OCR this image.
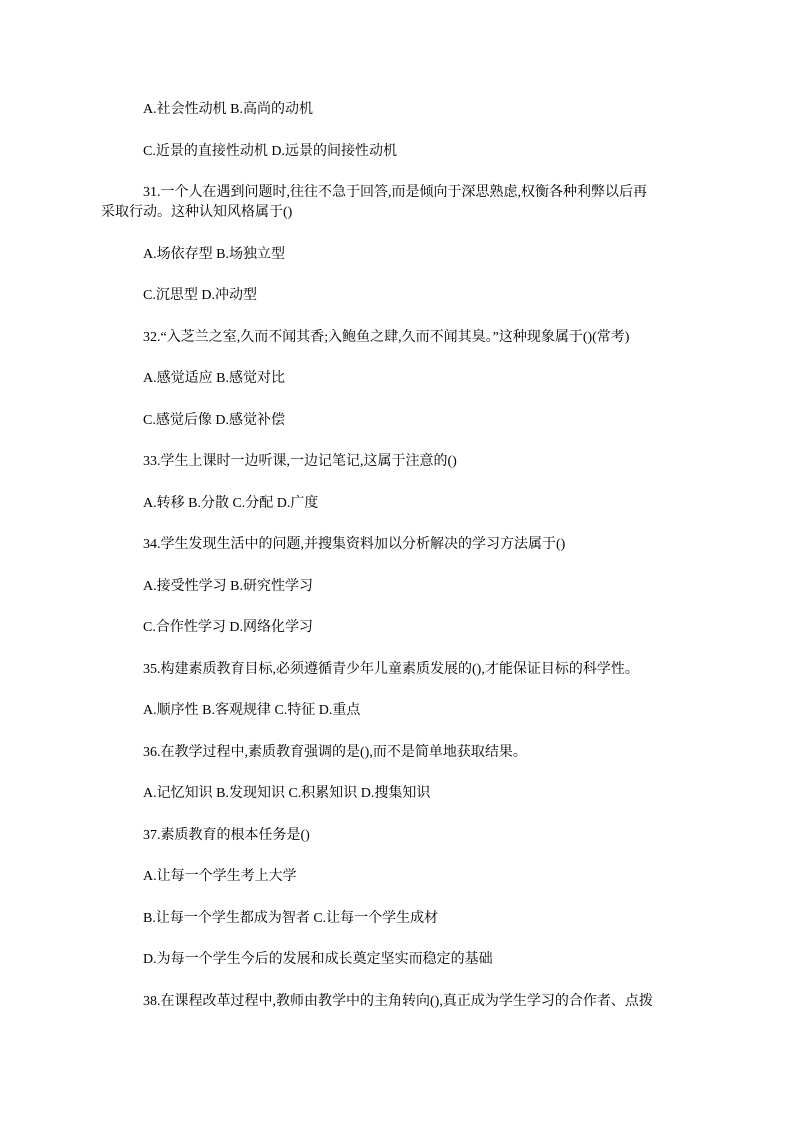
A.社会性动机 B.高尚的动机

C.近景的直接性动机 D.远景的间接性动机

31.一个人在遇到问题时,往往不急于回答,而是倾向于深思熟虑,权衡各种利弊以后再

采取行动。这种认知风格属于()

A.场依存型 B.场独立型

C.沉思型 D.冲动型

32.“入芝兰之室,久而不闻其香;入鲍鱼之肆,久而不闻其臭。”这种现象属于()(常考)

A.感觉适应 B.感觉对比

C.感觉后像 D.感觉补偿

33.学生上课时一边听课,一边记笔记,这属于注意的()

A.转移 B.分散 C.分配 D.广度

34.学生发现生活中的问题,并搜集资料加以分析解决的学习方法属于()

A.接受性学习 B.研究性学习

C.合作性学习 D.网络化学习

35.构建素质教育目标,必须遵循青少年儿童素质发展的(),才能保证目标的科学性。

A.顺序性 B.客观规律 C.特征 D.重点

36.在教学过程中,素质教育强调的是(),而不是简单地获取结果。

A.记忆知识 B.发现知识 C.积累知识 D.搜集知识

37.素质教育的根本任务是()

A.让每一个学生考上大学

B.让每一个学生都成为智者 C.让每一个学生成材

D.为每一个学生今后的发展和成长奠定坚实而稳定的基础

38.在课程改革过程中,教师由教学中的主角转向(),真正成为学生学习的合作者、点拨
